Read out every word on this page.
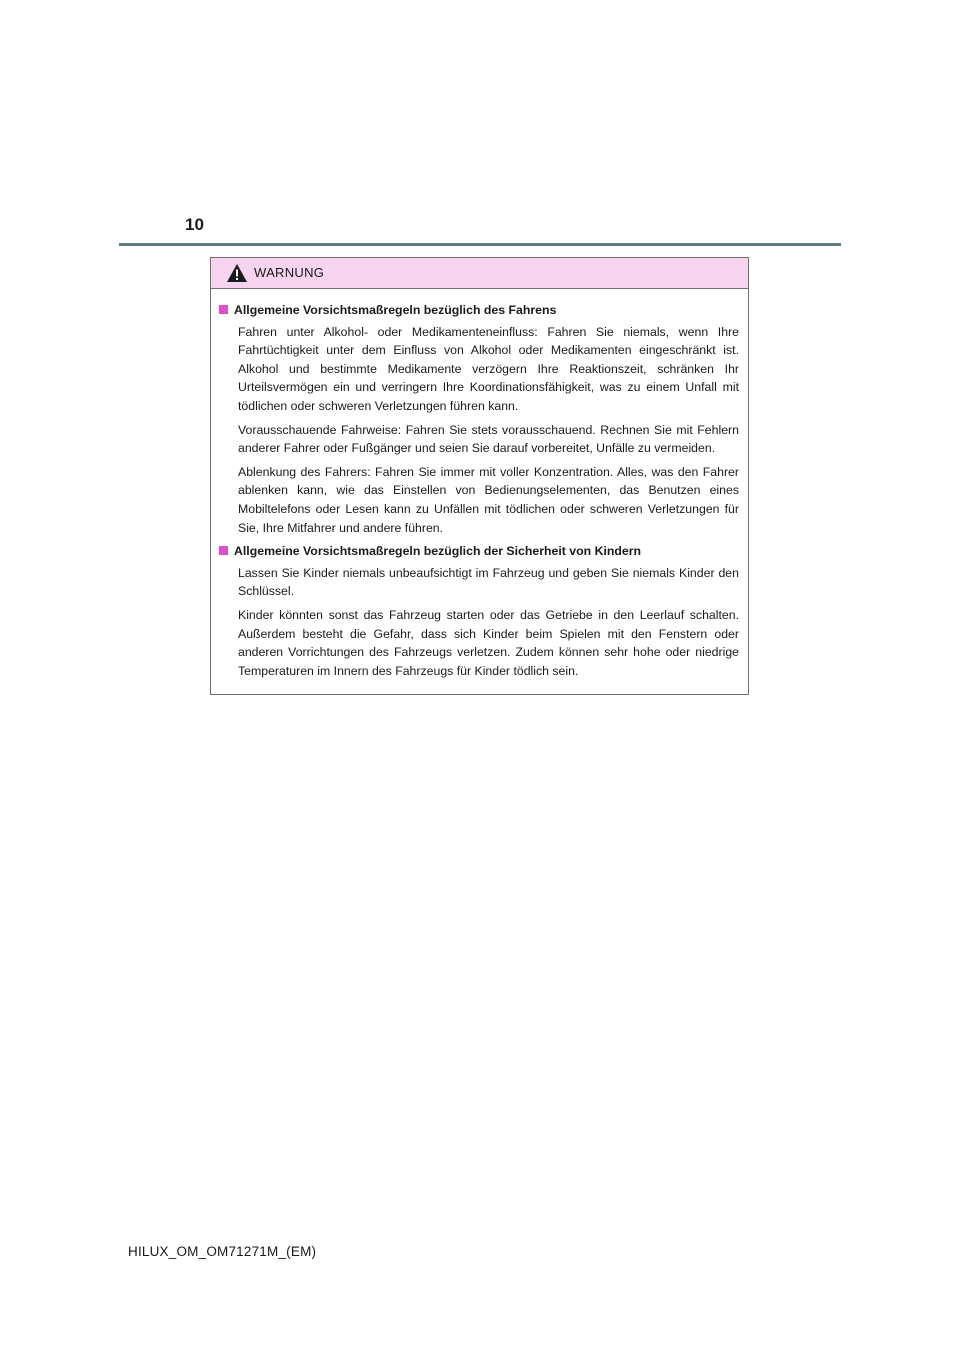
10
WARNUNG
Allgemeine Vorsichtsmaßregeln bezüglich des Fahrens

Fahren unter Alkohol- oder Medikamenteneinfluss: Fahren Sie niemals, wenn Ihre Fahrtüchtigkeit unter dem Einfluss von Alkohol oder Medikamenten eingeschränkt ist. Alkohol und bestimmte Medikamente verzögern Ihre Reaktionszeit, schränken Ihr Urteilsvermögen ein und verringern Ihre Koordinationsfähigkeit, was zu einem Unfall mit tödlichen oder schweren Verletzungen führen kann.

Vorausschauende Fahrweise: Fahren Sie stets vorausschauend. Rechnen Sie mit Fehlern anderer Fahrer oder Fußgänger und seien Sie darauf vorbereitet, Unfälle zu vermeiden.

Ablenkung des Fahrers: Fahren Sie immer mit voller Konzentration. Alles, was den Fahrer ablenken kann, wie das Einstellen von Bedienungselementen, das Benutzen eines Mobiltelefons oder Lesen kann zu Unfällen mit tödlichen oder schweren Verletzungen für Sie, Ihre Mitfahrer und andere führen.

Allgemeine Vorsichtsmaßregeln bezüglich der Sicherheit von Kindern

Lassen Sie Kinder niemals unbeaufsichtigt im Fahrzeug und geben Sie niemals Kinder den Schlüssel.

Kinder könnten sonst das Fahrzeug starten oder das Getriebe in den Leerlauf schalten. Außerdem besteht die Gefahr, dass sich Kinder beim Spielen mit den Fenstern oder anderen Vorrichtungen des Fahrzeugs verletzen. Zudem können sehr hohe oder niedrige Temperaturen im Innern des Fahrzeugs für Kinder tödlich sein.

HILUX_OM_OM71271M_(EM)
